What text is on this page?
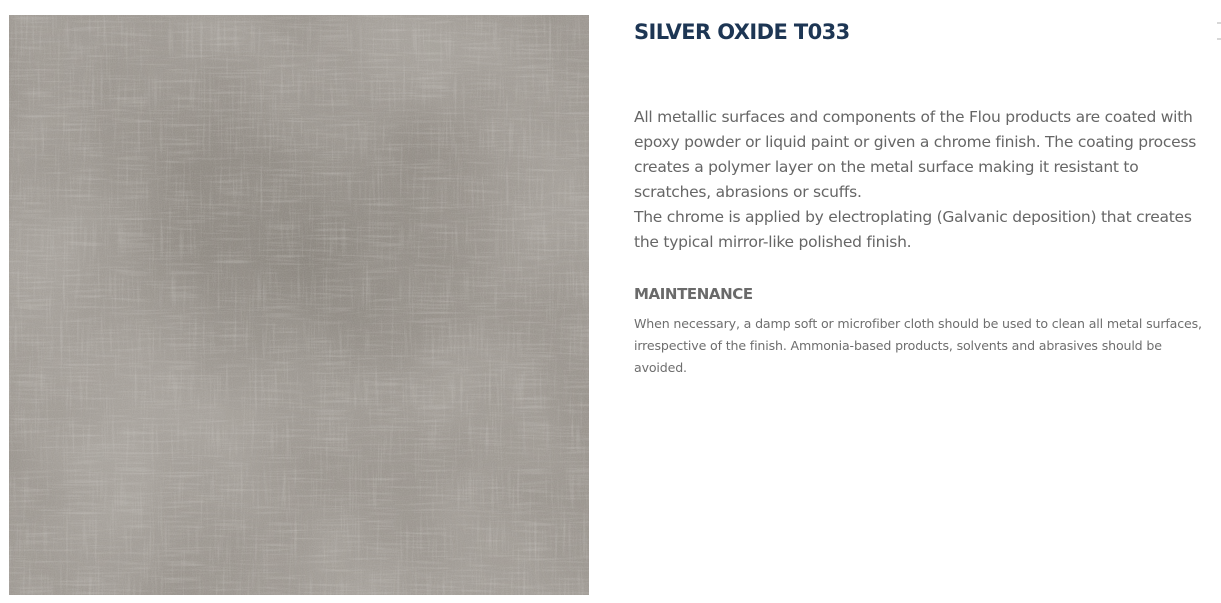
SILVER OXIDE T033

All metallic surfaces and components of the Flou products are coated with epoxy powder or liquid paint or given a chrome finish. The coating process creates a polymer layer on the metal surface making it resistant to scratches, abrasions or scuffs.

The chrome is applied by electroplating (Galvanic deposition) that creates the typical mirror-like polished finish.

MAINTENANCE

When necessary, a damp soft or microfiber cloth should be used to clean all metal surfaces, irrespective of the finish. Ammonia-based products, solvents and abrasives should be avoided.
